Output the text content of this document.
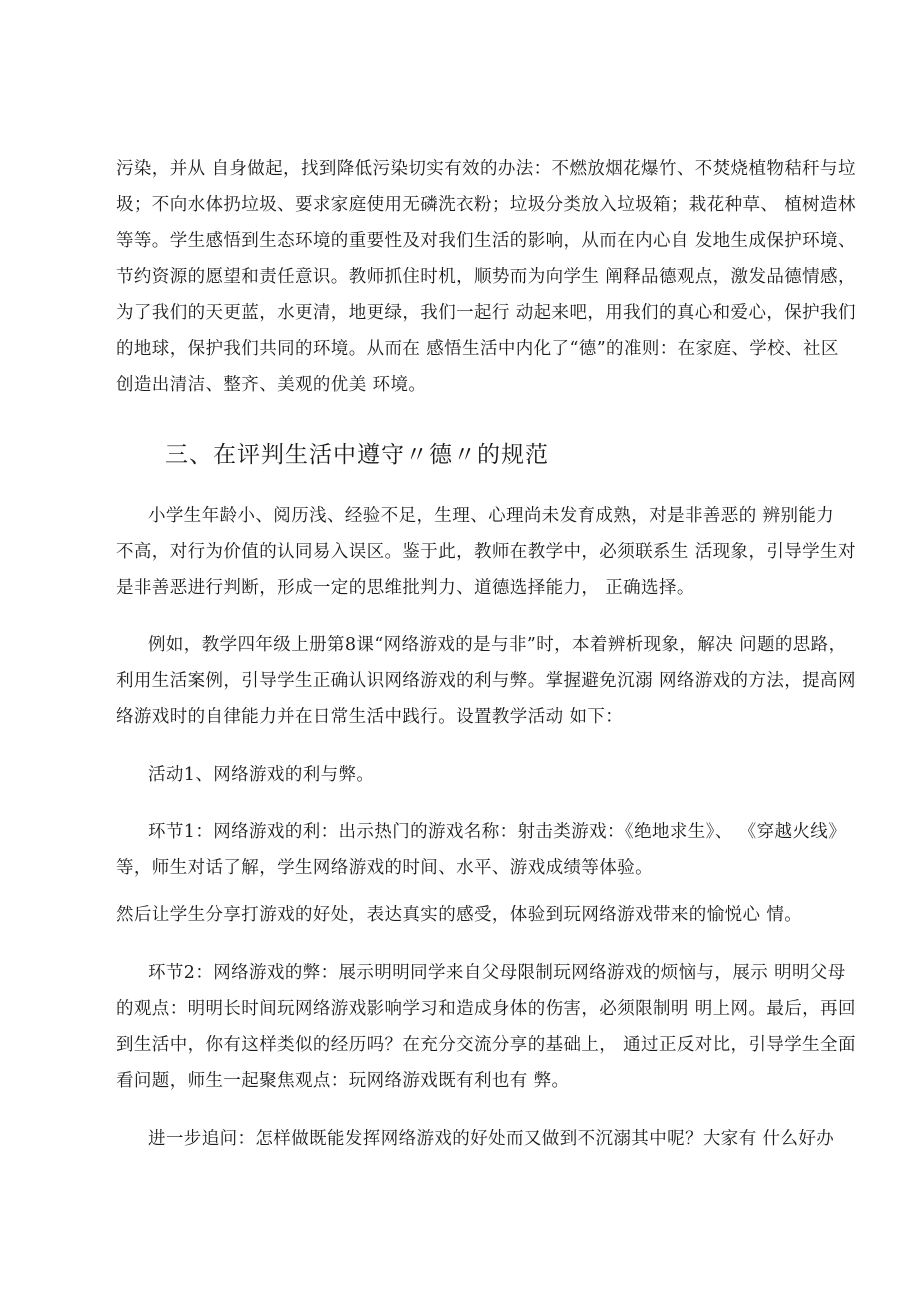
污染，并从 自身做起，找到降低污染切实有效的办法：不燃放烟花爆竹、不焚烧植物秸秆与垃
圾；不向水体扔垃圾、要求家庭使用无磷洗衣粉；垃圾分类放入垃圾箱；栽花种草、 植树造林
等等。学生感悟到生态环境的重要性及对我们生活的影响，从而在内心自 发地生成保护环境、
节约资源的愿望和责任意识。教师抓住时机，顺势而为向学生 阐释品德观点，激发品德情感，
为了我们的天更蓝，水更清，地更绿，我们一起行 动起来吧，用我们的真心和爱心，保护我们
的地球，保护我们共同的环境。从而在 感悟生活中内化了“德”的准则：在家庭、学校、社区
创造出清洁、整齐、美观的优美 环境。
三、在评判生活中遵守〃德〃的规范
小学生年龄小、阅历浅、经验不足，生理、心理尚未发育成熟，对是非善恶的 辨别能力
不高，对行为价值的认同易入误区。鉴于此，教师在教学中，必须联系生 活现象，引导学生对
是非善恶进行判断，形成一定的思维批判力、道德选择能力， 正确选择。
例如，教学四年级上册第8课“网络游戏的是与非”时，本着辨析现象，解决 问题的思路，
利用生活案例，引导学生正确认识网络游戏的利与弊。掌握避免沉溺 网络游戏的方法，提高网
络游戏时的自律能力并在日常生活中践行。设置教学活动 如下：
活动1、网络游戏的利与弊。
环节1：网络游戏的利：出示热门的游戏名称：射击类游戏：《绝地求生》、 《穿越火线》
等，师生对话了解，学生网络游戏的时间、水平、游戏成绩等体验。
然后让学生分享打游戏的好处，表达真实的感受，体验到玩网络游戏带来的愉悦心 情。
环节2：网络游戏的弊：展示明明同学来自父母限制玩网络游戏的烦恼与，展示 明明父母
的观点：明明长时间玩网络游戏影响学习和造成身体的伤害，必须限制明 明上网。最后，再回
到生活中，你有这样类似的经历吗？在充分交流分享的基础上， 通过正反对比，引导学生全面
看问题，师生一起聚焦观点：玩网络游戏既有利也有 弊。
进一步追问：怎样做既能发挥网络游戏的好处而又做到不沉溺其中呢？大家有 什么好办
